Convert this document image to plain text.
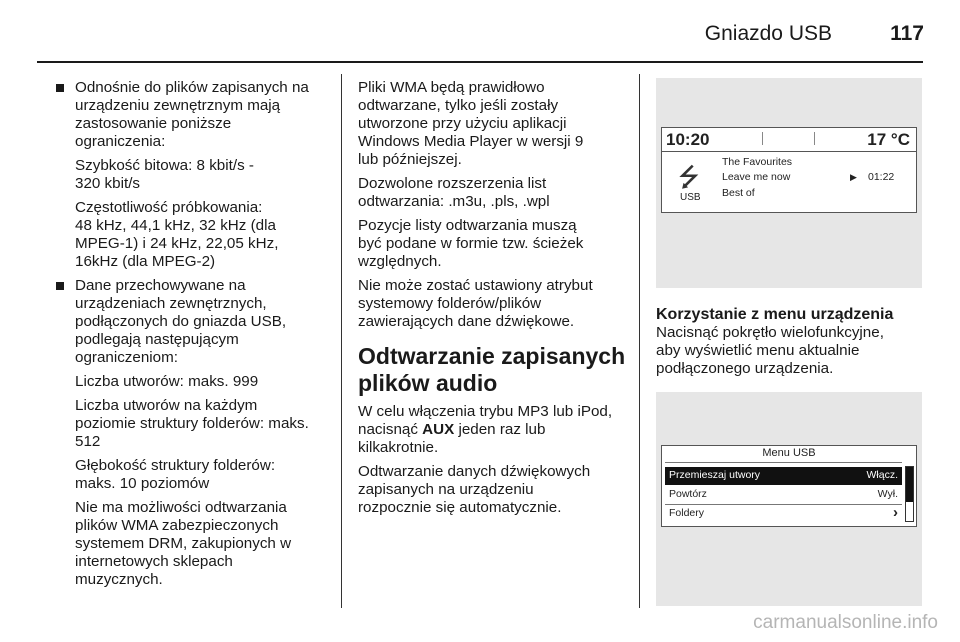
Gniazdo USB	117

Odnośnie do plików zapisanych na
urządzeniu zewnętrznym mają
zastosowanie poniższe
ograniczenia:

Szybkość bitowa: 8 kbit/s -
320 kbit/s

Częstotliwość próbkowania:
48 kHz, 44,1 kHz, 32 kHz (dla
MPEG-1) i 24 kHz, 22,05 kHz,
16kHz (dla MPEG-2)

Dane przechowywane na
urządzeniach zewnętrznych,
podłączonych do gniazda USB,
podlegają następującym
ograniczeniom:

Liczba utworów: maks. 999

Liczba utworów na każdym
poziomie struktury folderów: maks.
512

Głębokość struktury folderów:
maks. 10 poziomów

Nie ma możliwości odtwarzania
plików WMA zabezpieczonych
systemem DRM, zakupionych w
internetowych sklepach
muzycznych.

Pliki WMA będą prawidłowo
odtwarzane, tylko jeśli zostały
utworzone przy użyciu aplikacji
Windows Media Player w wersji 9
lub późniejszej.

Dozwolone rozszerzenia list
odtwarzania: .m3u, .pls, .wpl

Pozycje listy odtwarzania muszą
być podane w formie tzw. ścieżek
względnych.

Nie może zostać ustawiony atrybut
systemowy folderów/plików
zawierających dane dźwiękowe.

Odtwarzanie zapisanych
plików audio

W celu włączenia trybu MP3 lub iPod,
nacisnąć AUX jeden raz lub
kilkakrotnie.

Odtwarzanie danych dźwiękowych
zapisanych na urządzeniu
rozpocznie się automatycznie.

10:20	17 °C
⭍
USB
The Favourites
Leave me now
Best of
▶ 01:22
Korzystanie z menu urządzenia

Nacisnąć pokrętło wielofunkcyjne,
aby wyświetlić menu aktualnie
podłączonego urządzenia.

Menu USB
Przemieszaj utwory	Włącz.
Powtórz	Wył.
Foldery	›
carmanualsonline.info
